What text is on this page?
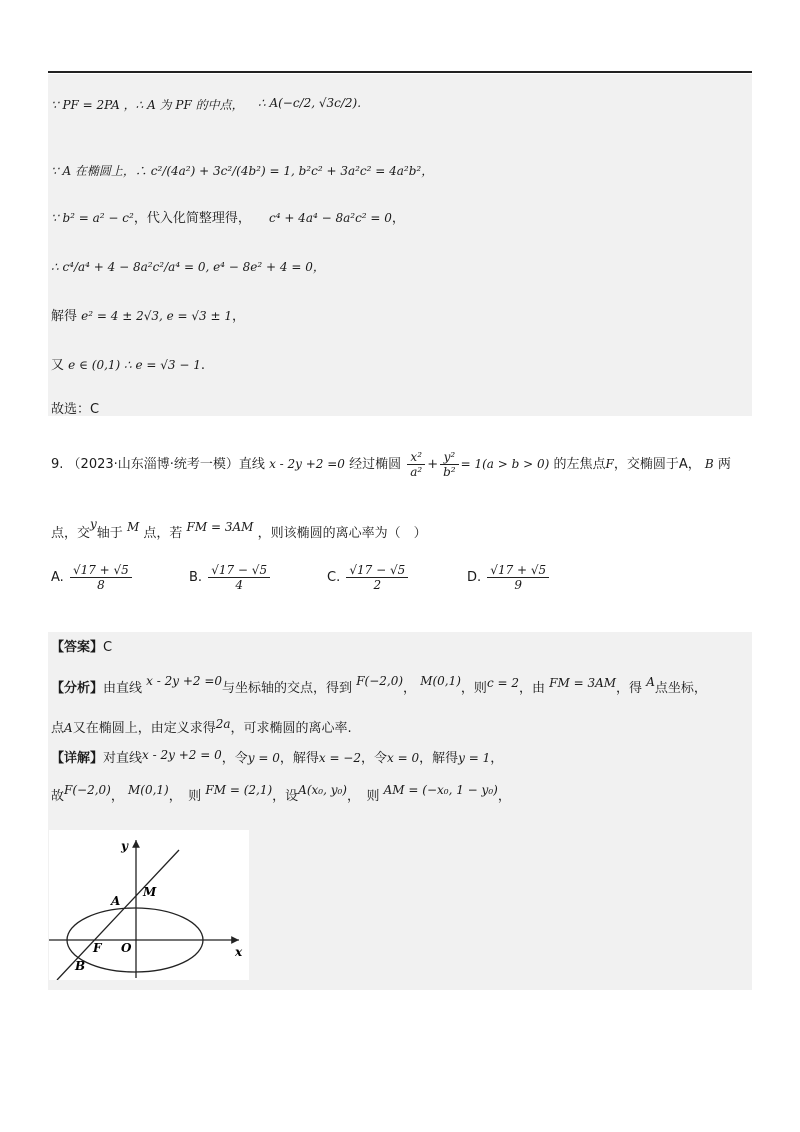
∵ PF = 2PA ，∴ A 为 PF 的中点， ∴ A(−c/2, √3c/2).
∵ A 在椭圆上，∴ c²/(4a²) + 3c²/(4b²) = 1, b²c² + 3a²c² = 4a²b²，
∵ b² = a² − c²，代入化简整理得， c⁴ + 4a⁴ − 8a²c² = 0，
∴ c⁴/a⁴ + 4 − 8a²c²/a⁴ = 0, e⁴ − 8e² + 4 = 0，
解得 e² = 4 ± 2√3, e = √3 ± 1，
又 e ∈ (0,1) ∴ e = √3 − 1.
故选：C
9. （2023·山东淄博·统考一模）直线 x - 2y +2 =0 经过椭圆 $\frac{\text{x²}}{\text{a²}} + \frac{\text{y²}}{\text{b²}} = 1(a > b > 0)$ 的左焦点F，交椭圆于A， B 两
点，交y轴于 M 点，若 FM = 3AM ，则该椭圆的离心率为（　）
A. $\frac{√17 + √5}{8}$	B. $\frac{√17 - √5}{4}$	C. $\frac{√17 - √5}{2}$	D. $\frac{√17 + √5}{9}$
【答案】C
【分析】由直线 x - 2y +2 =0与坐标轴的交点，得到 F(−2,0)， M(0,1)，则c = 2，由 FM = 3AM，得 A点坐标，
点A又在椭圆上，由定义求得2a，可求椭圆的离心率.
【详解】对直线x - 2y +2 = 0，令y = 0，解得x = −2，令x = 0，解得y = 1，
故F(−2,0)， M(0,1)，　则 FM = (2,1)，设A(x₀, y₀)，　则 AM = (−x₀, 1 − y₀)，
y
x
A
M
F O
B
